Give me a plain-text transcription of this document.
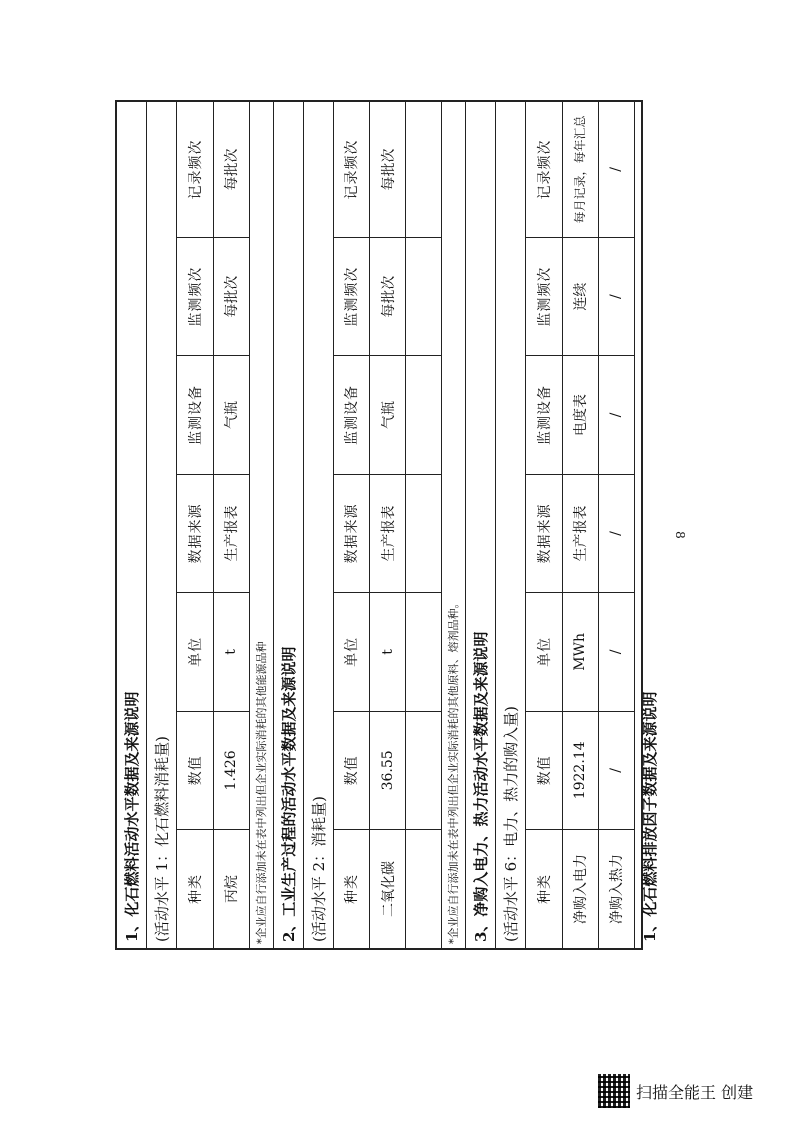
1、化石燃料活动水平数据及来源说明 (活动水平 1：化石燃料消耗量)	种类	数值	单位	数据来源	监测设备	监测频次	记录频次
丙烷	1.426	t	生产报表	气瓶	每批次	每批次
*企业应自行添加未在表中列出但企业实际消耗的其他能源品种 2、工业生产过程的活动水平数据及来源说明 (活动水平 2：消耗量)	种类	数值	单位	数据来源	监测设备	监测频次	记录频次
二氧化碳	36.55	t	生产报表	气瓶	每批次	每批次

*企业应自行添加未在表中列出但企业实际消耗的其他原料、熔剂品种。 3、净购入电力、热力活动水平数据及来源说明 (活动水平 6：电力、热力的购入量)	种类	数值	单位	数据来源	监测设备	监测频次	记录频次
净购入电力	1922.14	MWh	生产报表	电度表	连续	每月记录，每年汇总
净购入热力	/	/	/	/	/	/
1、化石燃料排放因子数据及来源说明
8
扫描全能王 创建
